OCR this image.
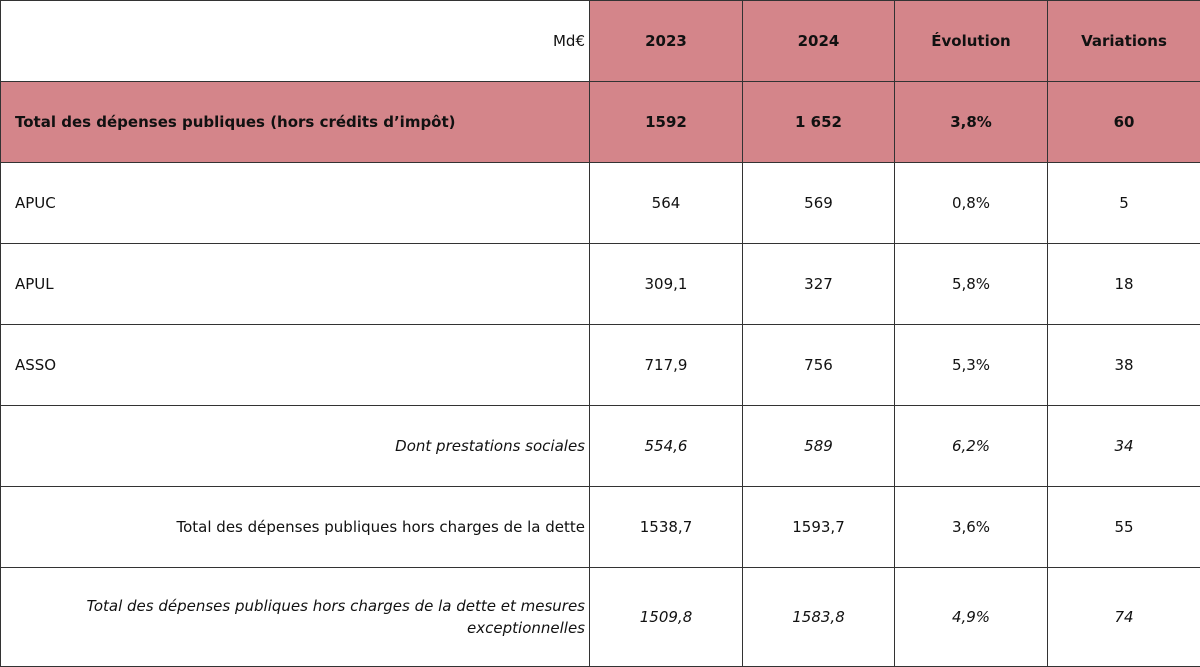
Md€	2023	2024	Évolution	Variations
Total des dépenses publiques (hors crédits d’impôt)	1592	1 652	3,8%	60
APUC	564	569	0,8%	5
APUL	309,1	327	5,8%	18
ASSO	717,9	756	5,3%	38
Dont prestations sociales	554,6	589	6,2%	34
Total des dépenses publiques hors charges de la dette	1538,7	1593,7	3,6%	55
Total des dépenses publiques hors charges de la dette et mesures exceptionnelles	1509,8	1583,8	4,9%	74
